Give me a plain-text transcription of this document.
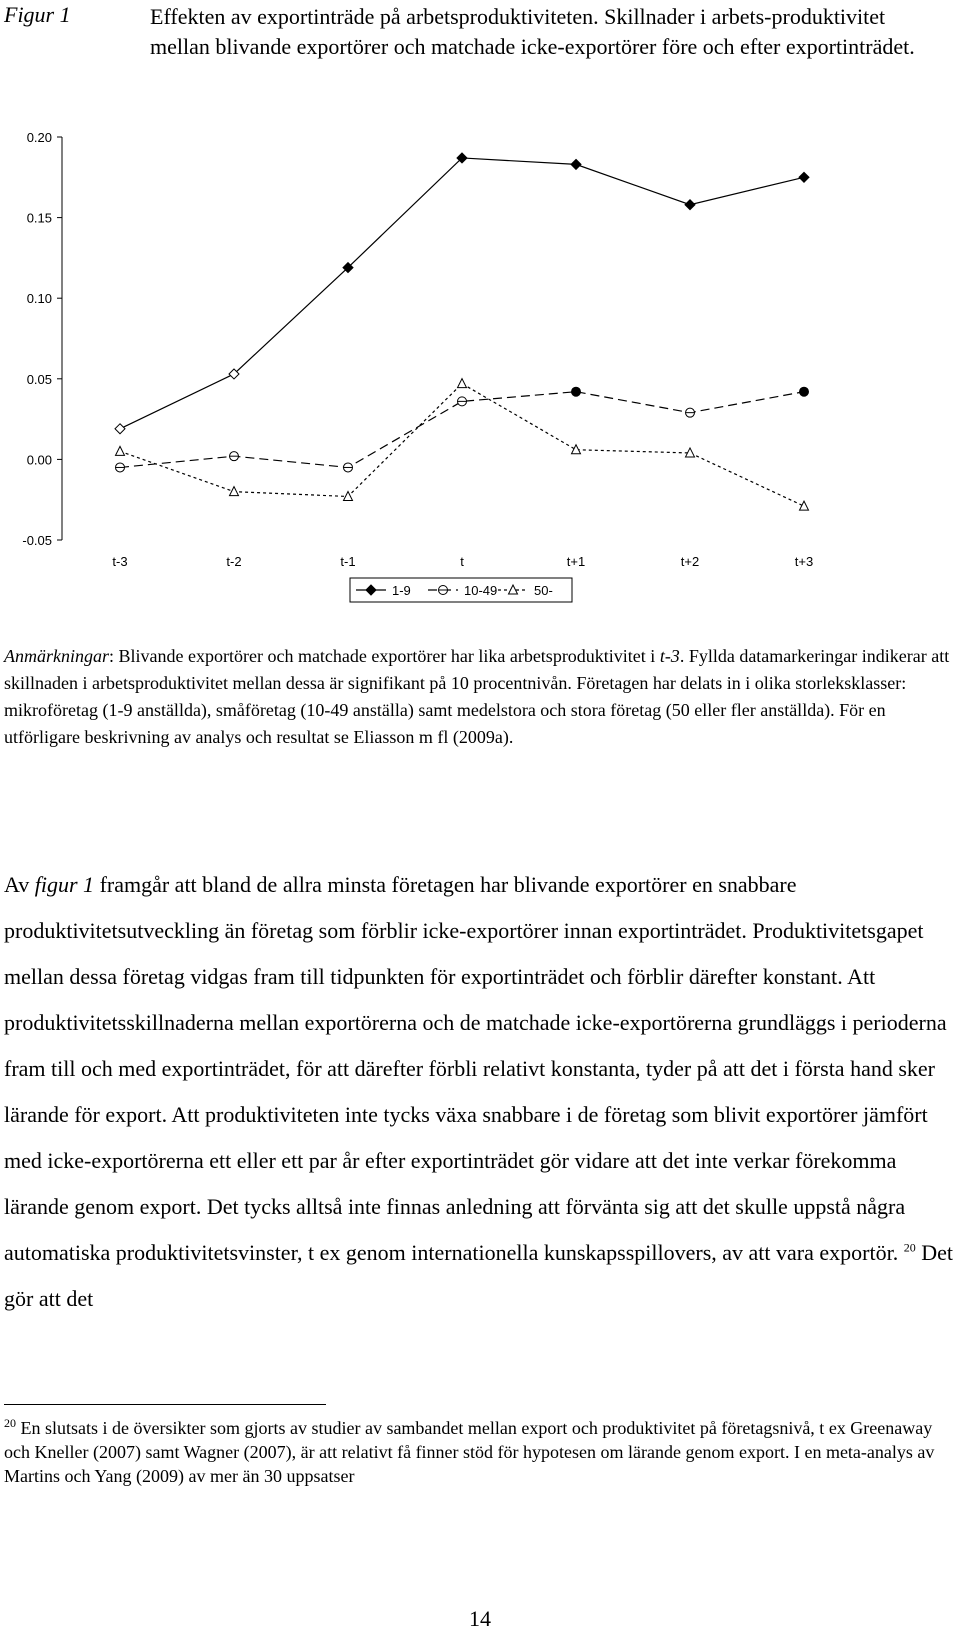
Figur 1	Effekten av exportinträde på arbetsproduktiviteten. Skillnader i arbets-produktivitet mellan blivande exportörer och matchade icke-exportörer före och efter exportinträdet.
0.20
0.15
0.10
0.05
0.00
-0.05
t-3	t-2	t-1	t	t+1	t+2	t+3
1-9	10-49	50-
Anmärkningar: Blivande exportörer och matchade exportörer har lika arbetsproduktivitet i t-3. Fyllda datamarkeringar indikerar att skillnaden i arbetsproduktivitet mellan dessa är signifikant på 10 procentnivån. Företagen har delats in i olika storleksklasser: mikroföretag (1-9 anställda), småföretag (10-49 anställa) samt medelstora och stora företag (50 eller fler anställda). För en utförligare beskrivning av analys och resultat se Eliasson m fl (2009a).
Av figur 1 framgår att bland de allra minsta företagen har blivande exportörer en snabbare produktivitetsutveckling än företag som förblir icke-exportörer innan exportinträdet. Produktivitetsgapet mellan dessa företag vidgas fram till tidpunkten för exportinträdet och förblir därefter konstant. Att produktivitetsskillnaderna mellan exportörerna och de matchade icke-exportörerna grundläggs i perioderna fram till och med exportinträdet, för att därefter förbli relativt konstanta, tyder på att det i första hand sker lärande för export. Att produktiviteten inte tycks växa snabbare i de företag som blivit exportörer jämfört med icke-exportörerna ett eller ett par år efter exportinträdet gör vidare att det inte verkar förekomma lärande genom export. Det tycks alltså inte finnas anledning att förvänta sig att det skulle uppstå några automatiska produktivitetsvinster, t ex genom internationella kunskapsspillovers, av att vara exportör. $^{20}$ Det gör att det
$^{20}$ En slutsats i de översikter som gjorts av studier av sambandet mellan export och produktivitet på företagsnivå, t ex Greenaway och Kneller (2007) samt Wagner (2007), är att relativt få finner stöd för hypotesen om lärande genom export. I en meta-analys av Martins och Yang (2009) av mer än 30 uppsatser
14
